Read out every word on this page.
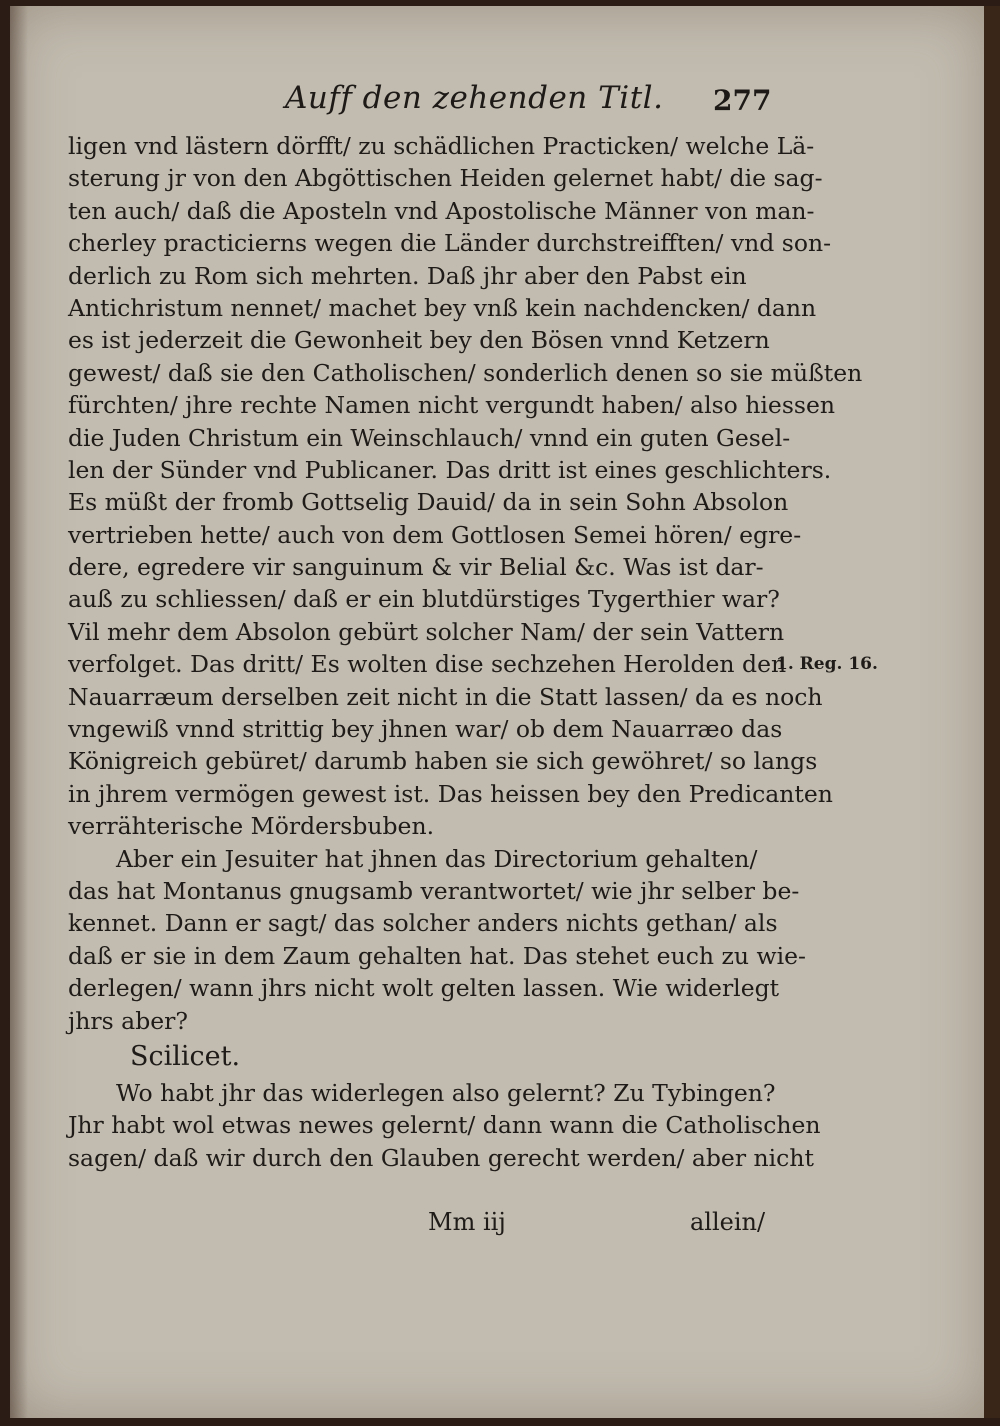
Auff den zehenden Titl. 277
ligen vnd lästern dörfft/ zu schädlichen Practicken/ welche Lä-
sterung jr von den Abgöttischen Heiden gelernet habt/ die sag-
ten auch/ daß die Aposteln vnd Apostolische Männer von man-
cherley practicierns wegen die Länder durchstreifften/ vnd son-
derlich zu Rom sich mehrten. Daß jhr aber den Pabst ein
Antichristum nennet/ machet bey vnß kein nachdencken/ dann
es ist jederzeit die Gewonheit bey den Bösen vnnd Ketzern
gewest/ daß sie den Catholischen/ sonderlich denen so sie müßten
fürchten/ jhre rechte Namen nicht vergundt haben/ also hiessen
die Juden Christum ein Weinschlauch/ vnnd ein guten Gesel-
len der Sünder vnd Publicaner. Das dritt ist eines geschlichters.
Es müßt der fromb Gottselig Dauid/ da in sein Sohn Absolon
vertrieben hette/ auch von dem Gottlosen Semei hören/ egre-
dere, egredere vir sanguinum & vir Belial &c. Was ist dar-
auß zu schliessen/ daß er ein blutdürstiges Tygerthier war?
Vil mehr dem Absolon gebürt solcher Nam/ der sein Vattern
verfolget. Das dritt/ Es wolten dise sechzehen Herolden den
Nauarræum derselben zeit nicht in die Statt lassen/ da es noch
vngewiß vnnd strittig bey jhnen war/ ob dem Nauarræo das
Königreich gebüret/ darumb haben sie sich gewöhret/ so langs
in jhrem vermögen gewest ist. Das heissen bey den Predicanten
verrähterische Mördersbuben.
Aber ein Jesuiter hat jhnen das Directorium gehalten/
das hat Montanus gnugsamb verantwortet/ wie jhr selber be-
kennet. Dann er sagt/ das solcher anders nichts gethan/ als
daß er sie in dem Zaum gehalten hat. Das stehet euch zu wie-
derlegen/ wann jhrs nicht wolt gelten lassen. Wie widerlegt
jhrs aber?
Scilicet.
Wo habt jhr das widerlegen also gelernt? Zu Tybingen?
Jhr habt wol etwas newes gelernt/ dann wann die Catholischen
sagen/ daß wir durch den Glauben gerecht werden/ aber nicht
1. Reg. 16.
Mm iij	allein/
